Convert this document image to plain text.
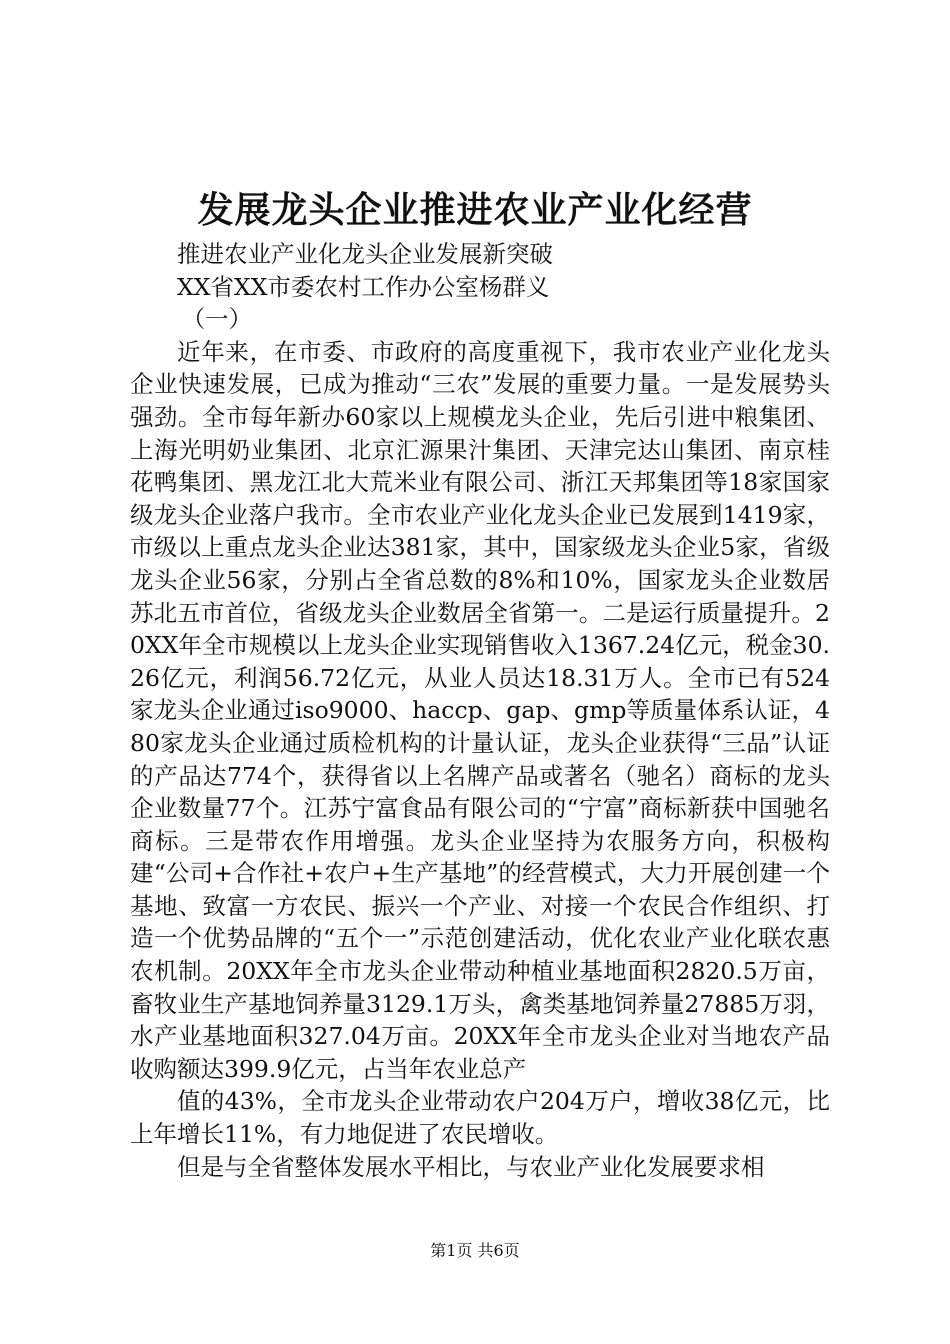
发展龙头企业推进农业产业化经营

推进农业产业化龙头企业发展新突破

XX省XX市委农村工作办公室杨群义

（一）

近年来，在市委、市政府的高度重视下，我市农业产业化龙头企业快速发展，已成为推动“三农”发展的重要力量。一是发展势头强劲。全市每年新办60家以上规模龙头企业，先后引进中粮集团、上海光明奶业集团、北京汇源果汁集团、天津完达山集团、南京桂花鸭集团、黑龙江北大荒米业有限公司、浙江天邦集团等18家国家级龙头企业落户我市。全市农业产业化龙头企业已发展到1419家，市级以上重点龙头企业达381家，其中，国家级龙头企业5家，省级龙头企业56家，分别占全省总数的8%和10%，国家龙头企业数居苏北五市首位，省级龙头企业数居全省第一。二是运行质量提升。20XX年全市规模以上龙头企业实现销售收入1367.24亿元，税金30.26亿元，利润56.72亿元，从业人员达18.31万人。全市已有524家龙头企业通过iso9000、haccp、gap、gmp等质量体系认证，480家龙头企业通过质检机构的计量认证，龙头企业获得“三品”认证的产品达774个，获得省以上名牌产品或著名（驰名）商标的龙头企业数量77个。江苏宁富食品有限公司的“宁富”商标新获中国驰名商标。三是带农作用增强。龙头企业坚持为农服务方向，积极构建“公司+合作社+农户+生产基地”的经营模式，大力开展创建一个基地、致富一方农民、振兴一个产业、对接一个农民合作组织、打造一个优势品牌的“五个一”示范创建活动，优化农业产业化联农惠农机制。20XX年全市龙头企业带动种植业基地面积2820.5万亩，畜牧业生产基地饲养量3129.1万头，禽类基地饲养量27885万羽，水产业基地面积327.04万亩。20XX年全市龙头企业对当地农产品收购额达399.9亿元，占当年农业总产

值的43%，全市龙头企业带动农户204万户，增收38亿元，比上年增长11%，有力地促进了农民增收。

但是与全省整体发展水平相比，与农业产业化发展要求相

第1页 共6页
